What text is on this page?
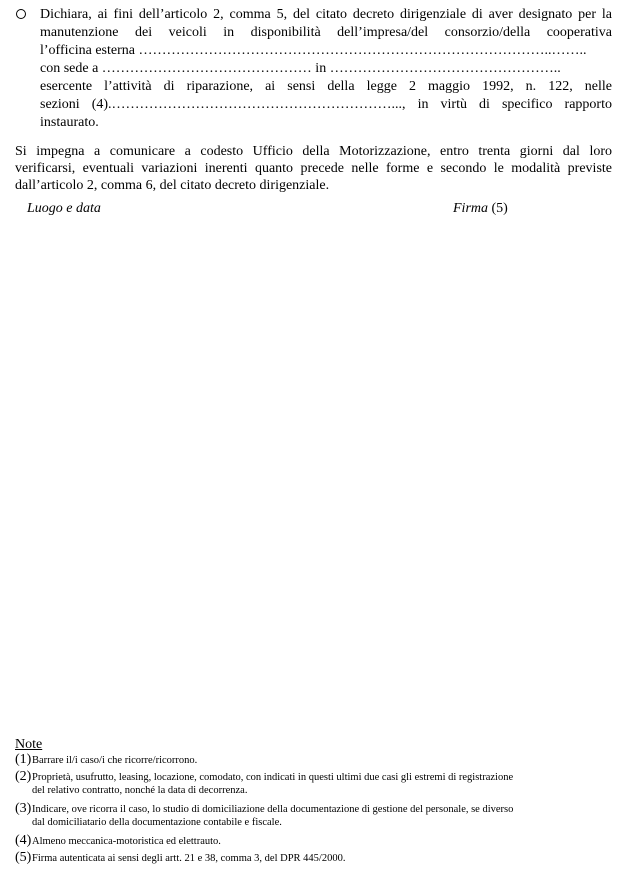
Dichiara, ai fini dell’articolo 2, comma 5, del citato decreto dirigenziale di aver designato per la
manutenzione dei veicoli in disponibilità dell’impresa/del consorzio/della cooperativa
l’officina esterna ……………………………………………………………………………..……..
con sede a ……………………………………… in …………………………………………..
esercente l’attività di riparazione, ai sensi della legge 2 maggio 1992, n. 122, nelle
sezioni (4).……………………………………………………..., in virtù di specifico rapporto
instaurato.
Si impegna a comunicare a codesto Ufficio della Motorizzazione, entro trenta giorni dal loro
verificarsi, eventuali variazioni inerenti quanto precede nelle forme e secondo le modalità previste
dall’articolo 2, comma 6, del citato decreto dirigenziale.
Luogo e data	Firma (5)
Note
(1) Barrare il/i caso/i che ricorre/ricorrono.
(2) Proprietà, usufrutto, leasing, locazione, comodato, con indicati in questi ultimi due casi gli estremi di registrazione
del relativo contratto, nonché la data di decorrenza.
(3) Indicare, ove ricorra il caso, lo studio di domiciliazione della documentazione di gestione del personale, se diverso
dal domiciliatario della documentazione contabile e fiscale.
(4) Almeno meccanica-motoristica ed elettrauto.
(5) Firma autenticata ai sensi degli artt. 21 e 38, comma 3, del DPR 445/2000.
